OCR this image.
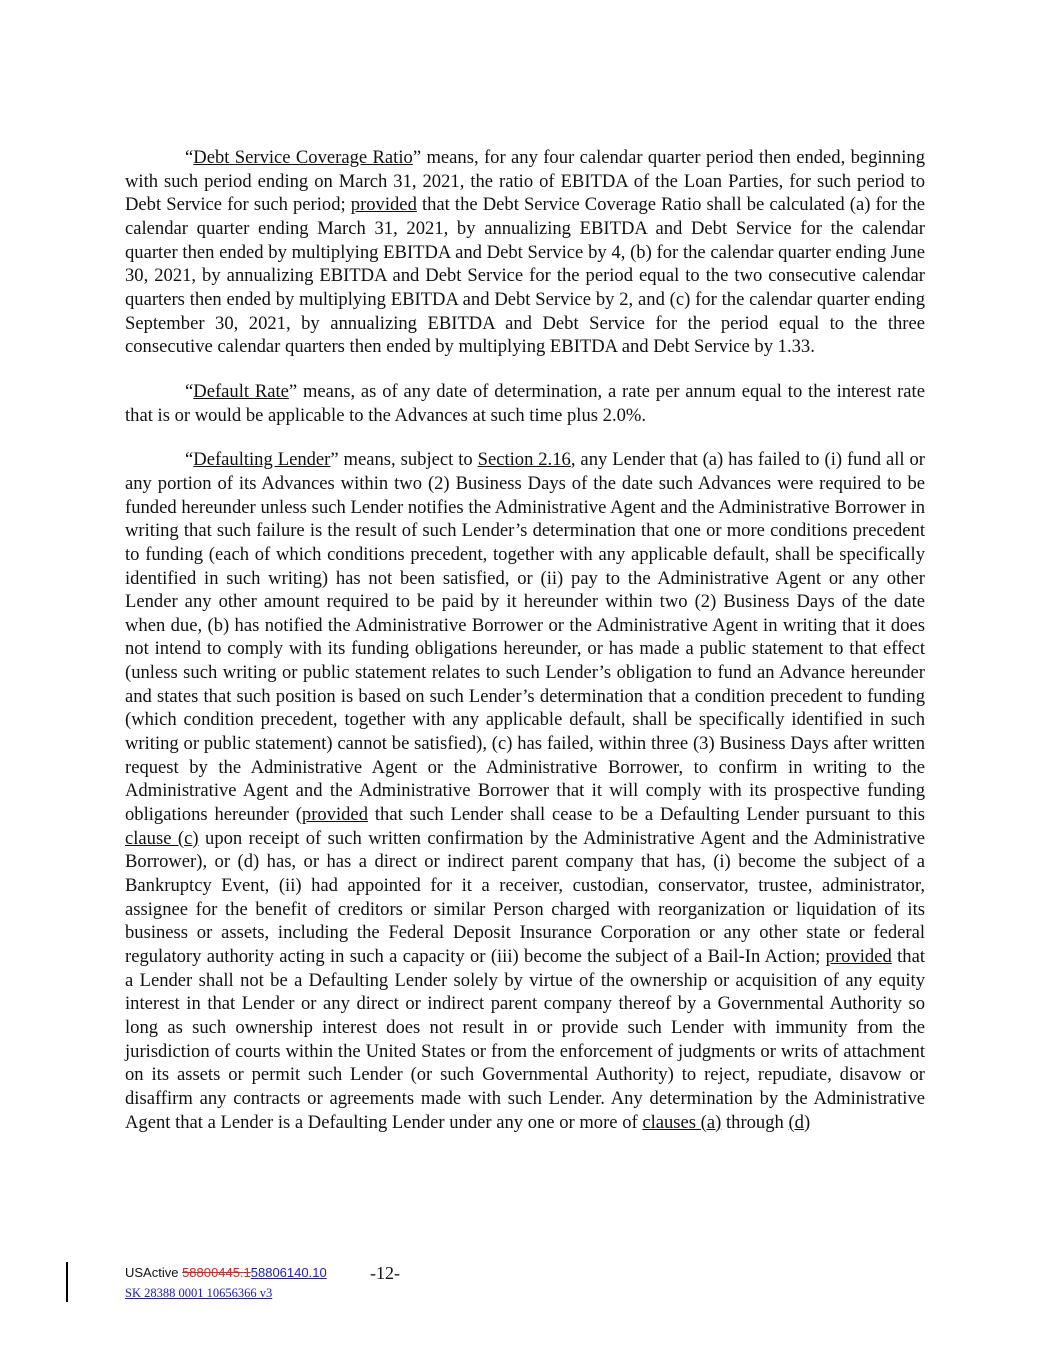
“Debt Service Coverage Ratio” means, for any four calendar quarter period then ended, beginning with such period ending on March 31, 2021, the ratio of EBITDA of the Loan Parties, for such period to Debt Service for such period; provided that the Debt Service Coverage Ratio shall be calculated (a) for the calendar quarter ending March 31, 2021, by annualizing EBITDA and Debt Service for the calendar quarter then ended by multiplying EBITDA and Debt Service by 4, (b) for the calendar quarter ending June 30, 2021, by annualizing EBITDA and Debt Service for the period equal to the two consecutive calendar quarters then ended by multiplying EBITDA and Debt Service by 2, and (c) for the calendar quarter ending September 30, 2021, by annualizing EBITDA and Debt Service for the period equal to the three consecutive calendar quarters then ended by multiplying EBITDA and Debt Service by 1.33.

“Default Rate” means, as of any date of determination, a rate per annum equal to the interest rate that is or would be applicable to the Advances at such time plus 2.0%.

“Defaulting Lender” means, subject to Section 2.16, any Lender that (a) has failed to (i) fund all or any portion of its Advances within two (2) Business Days of the date such Advances were required to be funded hereunder unless such Lender notifies the Administrative Agent and the Administrative Borrower in writing that such failure is the result of such Lender’s determination that one or more conditions precedent to funding (each of which conditions precedent, together with any applicable default, shall be specifically identified in such writing) has not been satisfied, or (ii) pay to the Administrative Agent or any other Lender any other amount required to be paid by it hereunder within two (2) Business Days of the date when due, (b) has notified the Administrative Borrower or the Administrative Agent in writing that it does not intend to comply with its funding obligations hereunder, or has made a public statement to that effect (unless such writing or public statement relates to such Lender’s obligation to fund an Advance hereunder and states that such position is based on such Lender’s determination that a condition precedent to funding (which condition precedent, together with any applicable default, shall be specifically identified in such writing or public statement) cannot be satisfied), (c) has failed, within three (3) Business Days after written request by the Administrative Agent or the Administrative Borrower, to confirm in writing to the Administrative Agent and the Administrative Borrower that it will comply with its prospective funding obligations hereunder (provided that such Lender shall cease to be a Defaulting Lender pursuant to this clause (c) upon receipt of such written confirmation by the Administrative Agent and the Administrative Borrower), or (d) has, or has a direct or indirect parent company that has, (i) become the subject of a Bankruptcy Event, (ii) had appointed for it a receiver, custodian, conservator, trustee, administrator, assignee for the benefit of creditors or similar Person charged with reorganization or liquidation of its business or assets, including the Federal Deposit Insurance Corporation or any other state or federal regulatory authority acting in such a capacity or (iii) become the subject of a Bail-In Action; provided that a Lender shall not be a Defaulting Lender solely by virtue of the ownership or acquisition of any equity interest in that Lender or any direct or indirect parent company thereof by a Governmental Authority so long as such ownership interest does not result in or provide such Lender with immunity from the jurisdiction of courts within the United States or from the enforcement of judgments or writs of attachment on its assets or permit such Lender (or such Governmental Authority) to reject, repudiate, disavow or disaffirm any contracts or agreements made with such Lender. Any determination by the Administrative Agent that a Lender is a Defaulting Lender under any one or more of clauses (a) through (d)

USActive 58800445.158806140.10 -12-
SK 28388 0001 10656366 v3
